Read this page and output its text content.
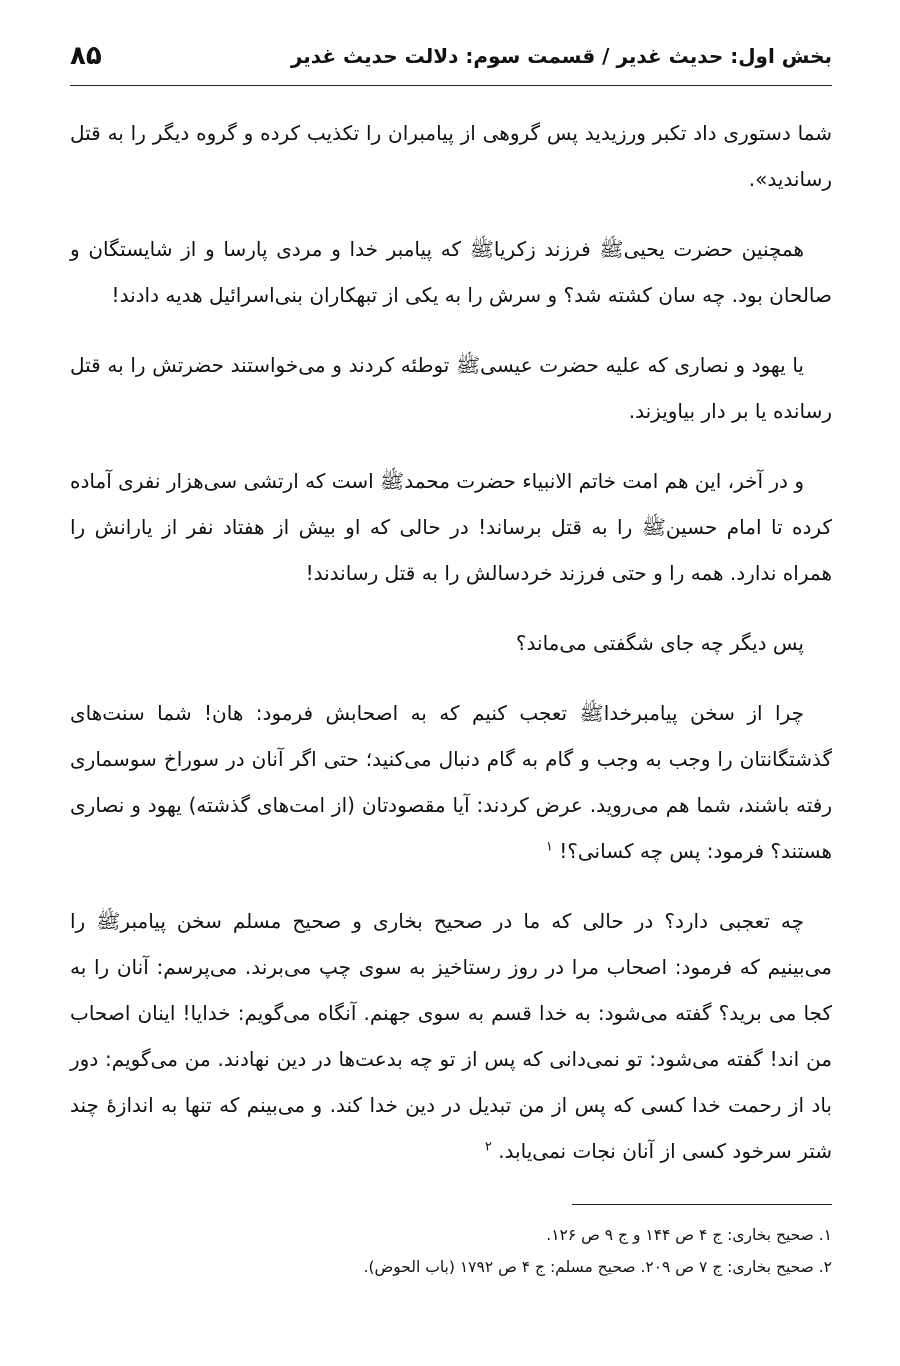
بخش اول: حدیث غدیر / قسمت سوم: دلالت حدیث غدیر
۸۵

شما دستوری داد تکبر ورزیدید پس گروهی از پیامبران را تکذیب کرده و گروه دیگر را به قتل رساندید».

همچنین حضرت یحیی‌ﷺ فرزند زکریاﷺ که پیامبر خدا و مردی پارسا و از شایستگان و صالحان بود. چه سان کشته شد؟ و سرش را به یکی از تبهکاران بنی‌اسرائیل هدیه دادند!

یا یهود و نصاری که علیه حضرت عیسیﷺ توطئه کردند و می‌خواستند حضرتش را به قتل رسانده یا بر دار بیاویزند.

و در آخر، این هم امت خاتم الانبیاء حضرت محمدﷺ است که ارتشی سی‌هزار نفری آماده کرده تا امام حسینﷺ را به قتل برساند! در حالی که او بیش از هفتاد نفر از یارانش را همراه ندارد. همه را و حتی فرزند خردسالش را به قتل رساندند!

پس دیگر چه جای شگفتی می‌ماند؟

چرا از سخن پیامبرخداﷺ تعجب کنیم که به اصحابش فرمود: هان! شما سنت‌های گذشتگانتان را وجب به وجب و گام به گام دنبال می‌کنید؛ حتی اگر آنان در سوراخ سوسماری رفته باشند، شما هم می‌روید. عرض کردند: آیا مقصودتان (از امت‌های گذشته) یهود و نصاری هستند؟ فرمود: پس چه کسانی؟! $^۱$

چه تعجبی دارد؟ در حالی که ما در صحیح بخاری و صحیح مسلم سخن پیامبرﷺ را می‌بینیم که فرمود: اصحاب مرا در روز رستاخیز به سوی چپ می‌برند. می‌پرسم: آنان را به کجا می برید؟ گفته می‌شود: به خدا قسم به سوی جهنم. آنگاه می‌گویم: خدایا! اینان اصحاب من اند! گفته می‌شود: تو نمی‌دانی که پس از تو چه بدعت‌ها در دین نهادند. من می‌گویم: دور باد از رحمت خدا کسی که پس از من تبدیل در دین خدا کند. و می‌بینم که تنها به اندازهٔ چند شتر سرخود کسی از آنان نجات نمی‌یابد. $^۲$

۱. صحیح بخاری: ج ۴ ص ۱۴۴ و ج ۹ ص ۱۲۶.

۲. صحیح بخاری: ج ۷ ص ۲۰۹. صحیح مسلم: ج ۴ ص ۱۷۹۲ (باب الحوض).
